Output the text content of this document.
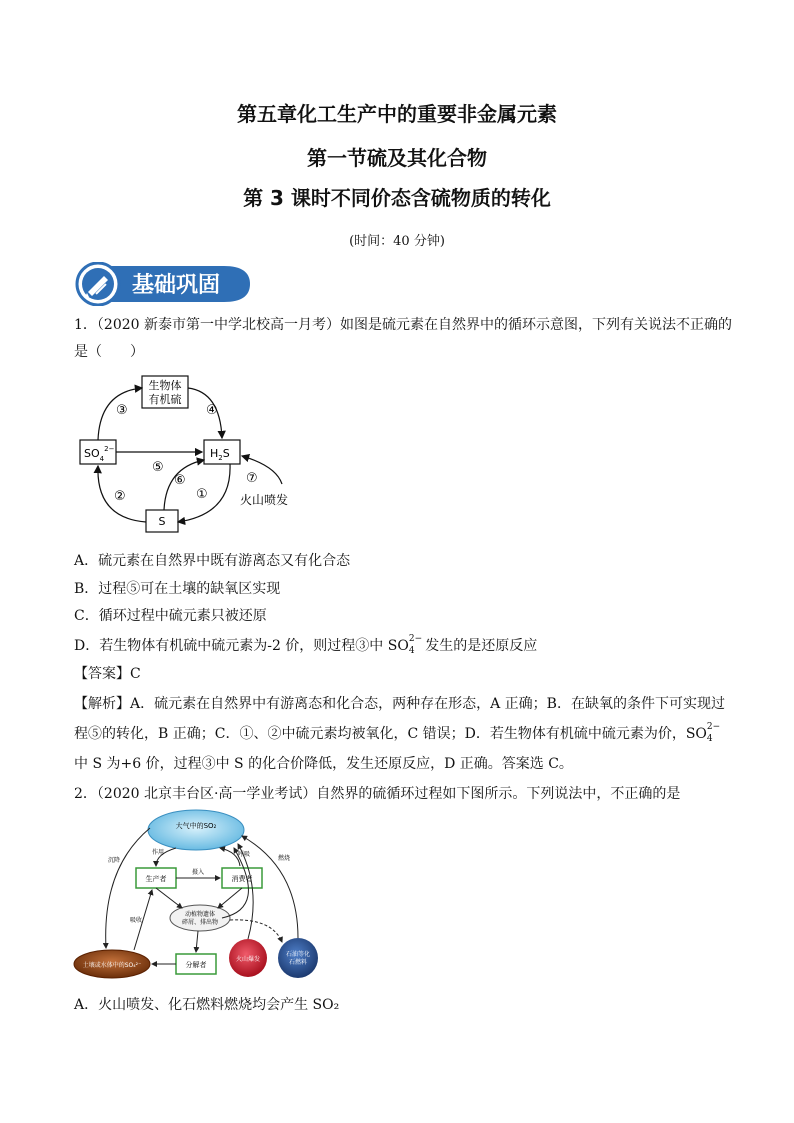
第五章化工生产中的重要非金属元素
第一节硫及其化合物
第 3 课时不同价态含硫物质的转化
(时间：40 分钟)
基础巩固
1．（2020 新泰市第一中学北校高一月考）如图是硫元素在自然界中的循环示意图，下列有关说法不正确的
是（　　）
生物体
有机硫
$SO_4^{2-}$	$H_2S$
S
③	④
⑤
②
⑥
①
⑦
火山喷发
A．硫元素在自然界中既有游离态又有化合态
B．过程⑤可在土壤的缺氧区实现
C．循环过程中硫元素只被还原
D．若生物体有机硫中硫元素为-2 价，则过程③中 SO 2−
4 发生的是还原反应
【答案】C
【解析】A．硫元素在自然界中有游离态和化合态，两种存在形态，A 正确；B．在缺氧的条件下可实现过
程⑤的转化，B 正确；C．①、②中硫元素均被氧化，C 错误；D．若生物体有机硫中硫元素为价，SO 2−
4
中 S 为+6 价，过程③中 S 的化合价降低，发生还原反应，D 正确。答案选 C。
2．（2020 北京丰台区·高一学业考试）自然界的硫循环过程如下图所示。下列说法中，不正确的是
大气中的SO₂
生产者	消费者
摄入
动植物遗体
碎屑、排出物
分解者
土壤或水体中的SO₄²⁻
吸收
火山爆发
石油等化
石燃料
沉降
作用	呼吸
燃烧
A．火山喷发、化石燃料燃烧均会产生 SO₂
